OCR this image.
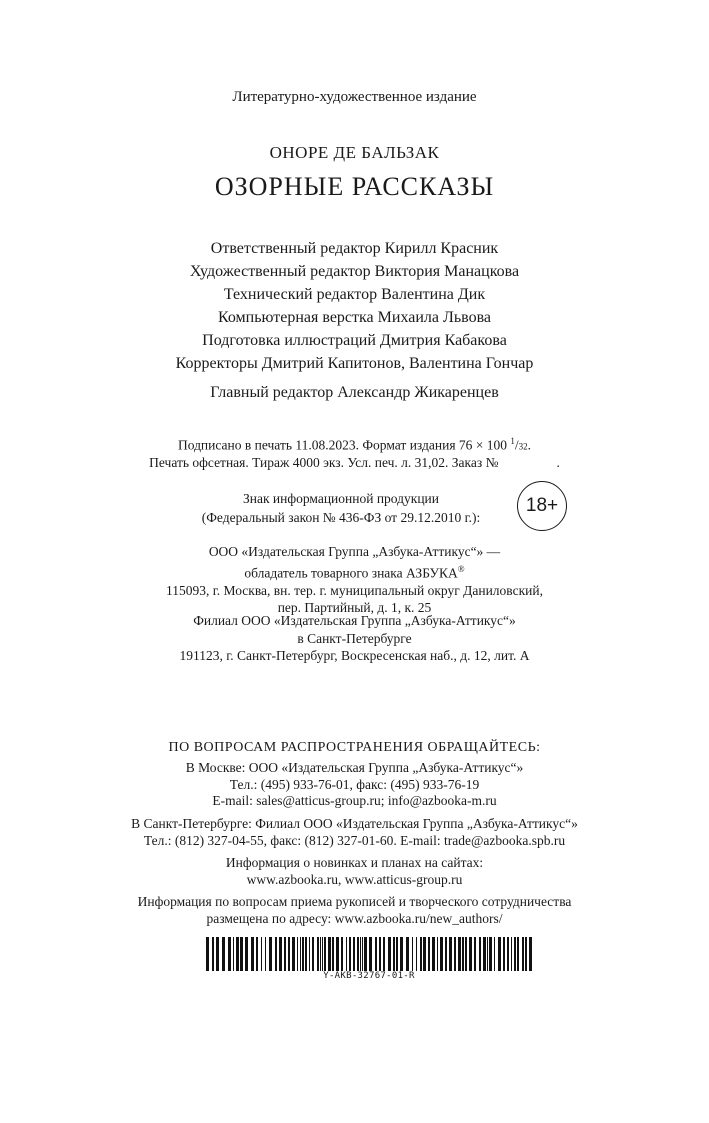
Литературно-художественное издание
ОНОРЕ ДЕ БАЛЬЗАК
ОЗОРНЫЕ РАССКАЗЫ
Ответственный редактор Кирилл Красник
Художественный редактор Виктория Манацкова
Технический редактор Валентина Дик
Компьютерная верстка Михаила Львова
Подготовка иллюстраций Дмитрия Кабакова
Корректоры Дмитрий Капитонов, Валентина Гончар
Главный редактор Александр Жикаренцев
Подписано в печать 11.08.2023. Формат издания 76 × 100 $^1$/32.
Печать офсетная. Тираж 4000 экз. Усл. печ. л. 31,02. Заказ №	.
Знак информационной продукции
(Федеральный закон № 436-ФЗ от 29.12.2010 г.):
18+
ООО «Издательская Группа „Азбука-Аттикус“» —
обладатель товарного знака АЗБУКА®
115093, г. Москва, вн. тер. г. муниципальный округ Даниловский,
пер. Партийный, д. 1, к. 25
Филиал ООО «Издательская Группа „Азбука-Аттикус“»
в Санкт-Петербурге
191123, г. Санкт-Петербург, Воскресенская наб., д. 12, лит. А
ПО ВОПРОСАМ РАСПРОСТРАНЕНИЯ ОБРАЩАЙТЕСЬ:
В Москве: ООО «Издательская Группа „Азбука-Аттикус“»
Тел.: (495) 933-76-01, факс: (495) 933-76-19
E-mail: sales@atticus-group.ru; info@azbooka-m.ru
В Санкт-Петербурге: Филиал ООО «Издательская Группа „Азбука-Аттикус“»
Тел.: (812) 327-04-55, факс: (812) 327-01-60. E-mail: trade@azbooka.spb.ru
Информация о новинках и планах на сайтах:
www.azbooka.ru, www.atticus-group.ru
Информация по вопросам приема рукописей и творческого сотрудничества
размещена по адресу: www.azbooka.ru/new_authors/
Y-AKB-32767-01-R
